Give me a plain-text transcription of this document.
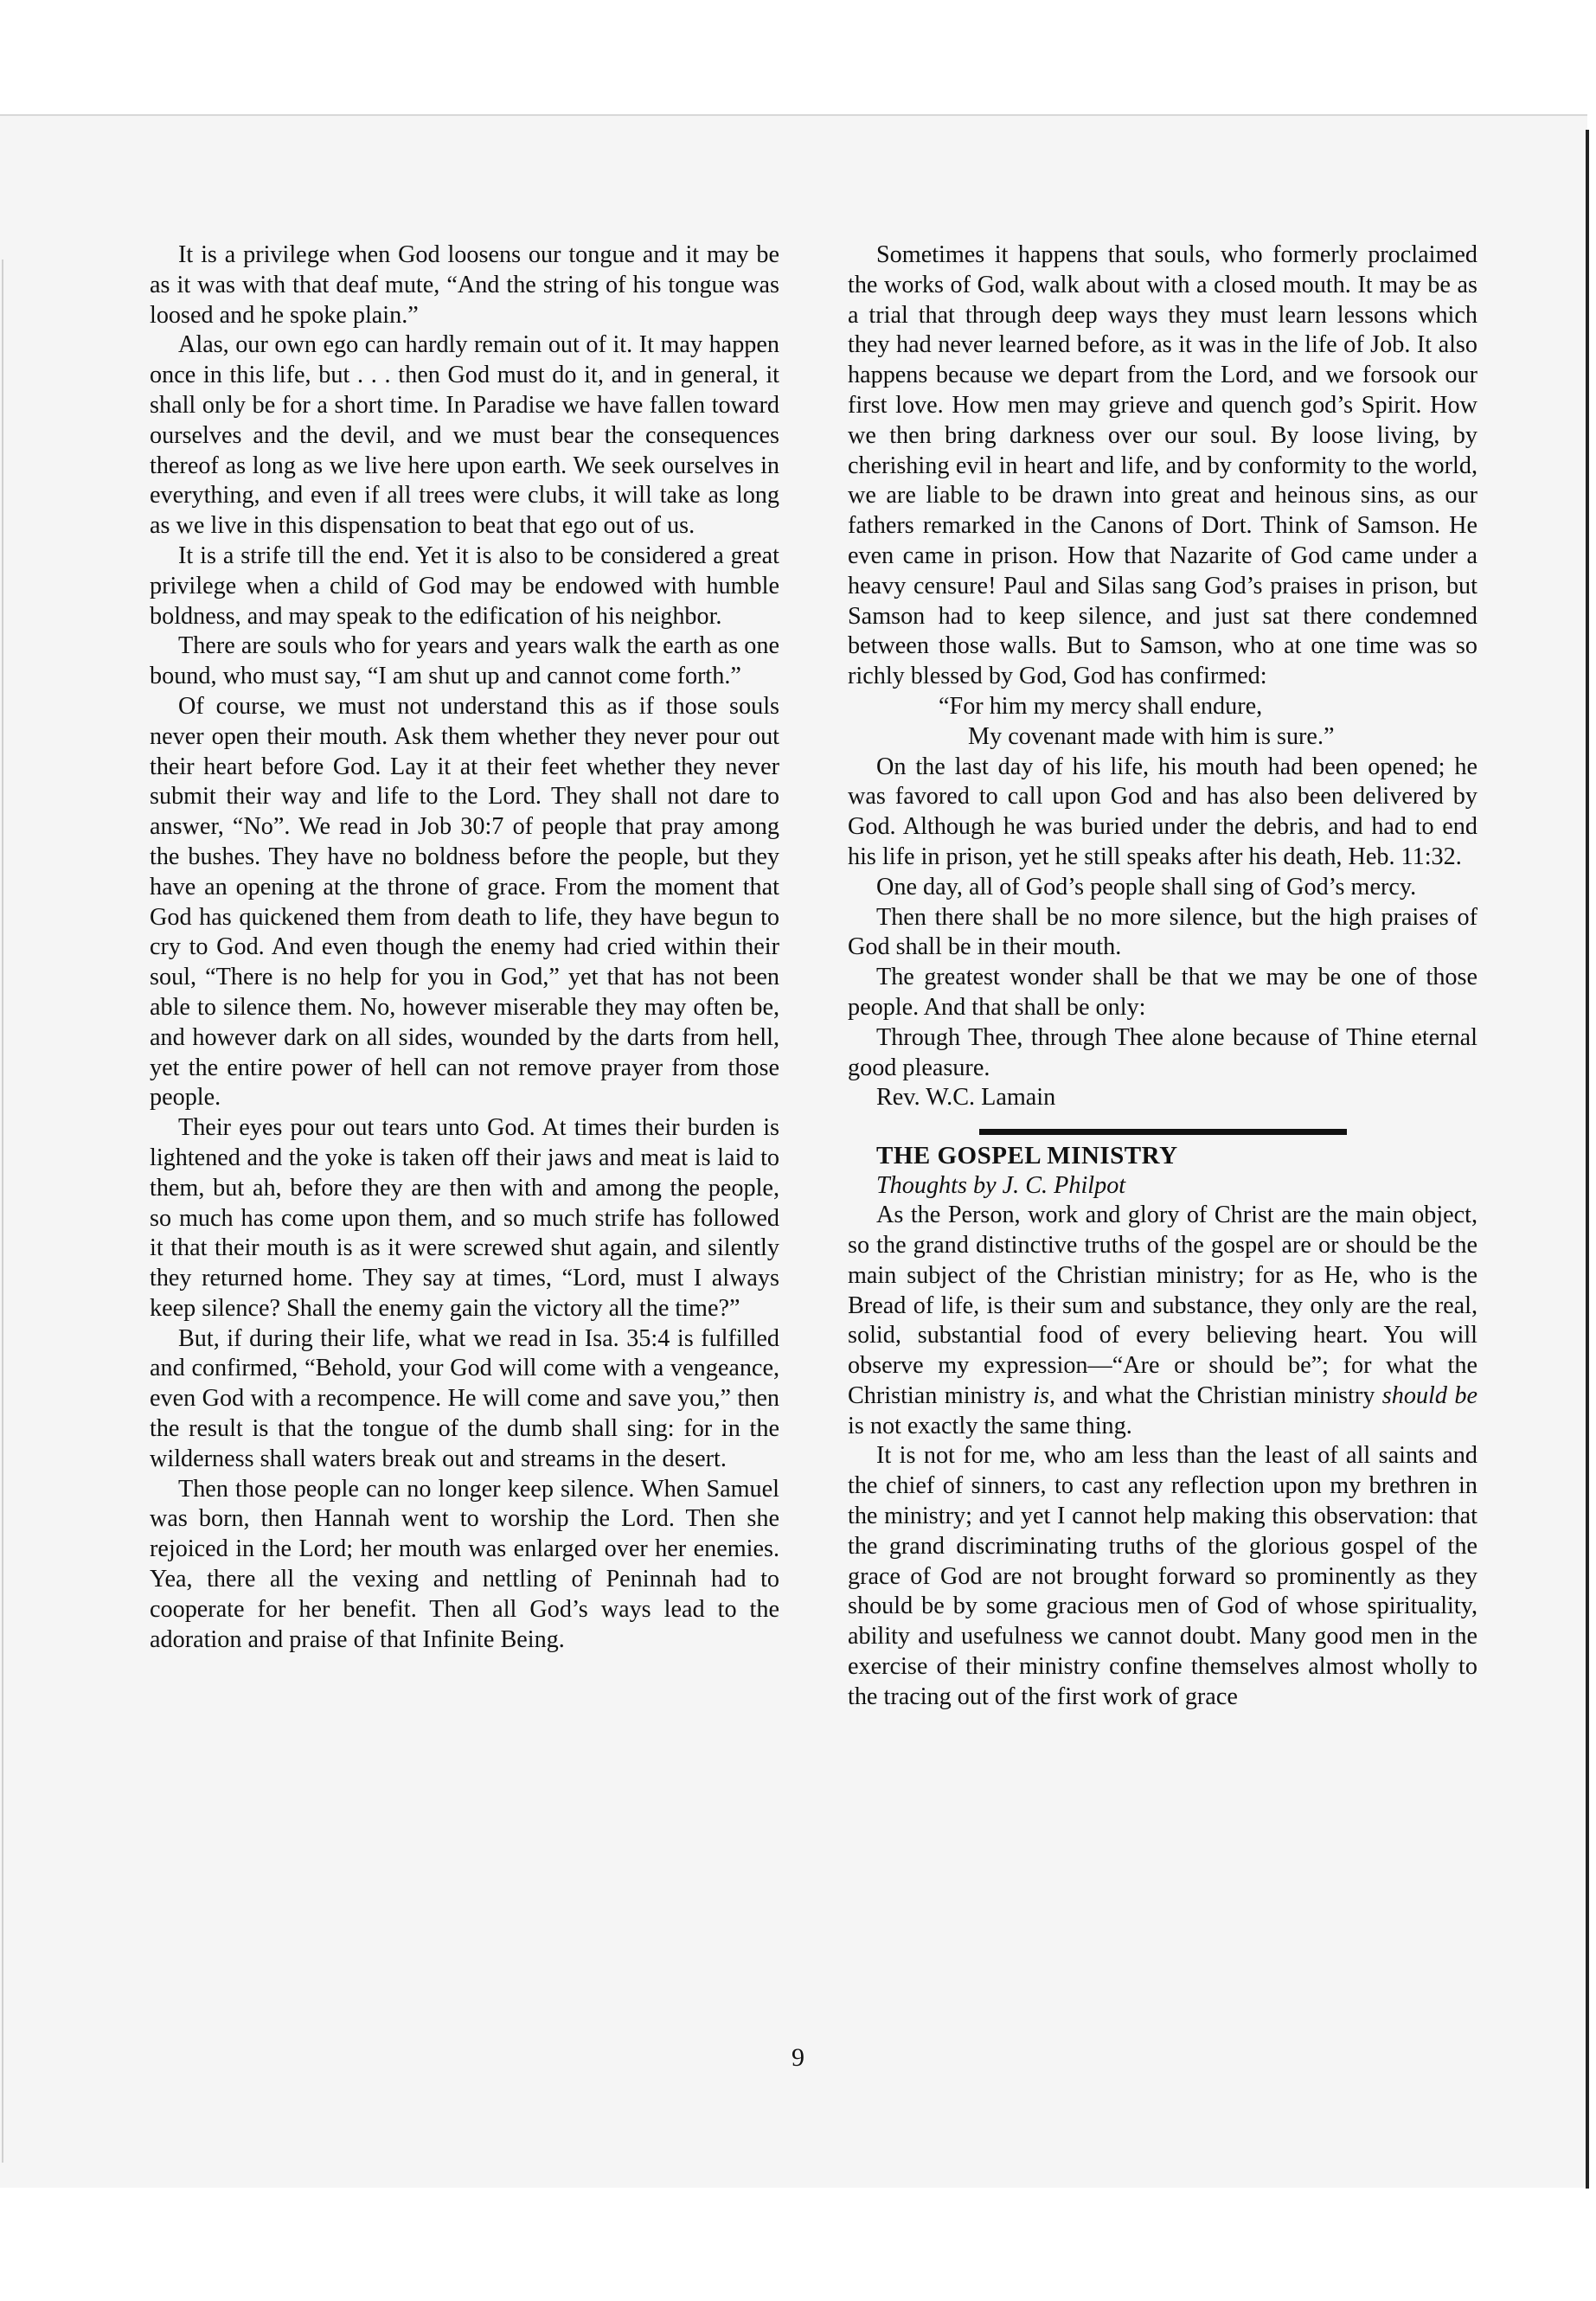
It is a privilege when God loosens our tongue and it may be as it was with that deaf mute, “And the string of his tongue was loosed and he spoke plain.”

Alas, our own ego can hardly remain out of it. It may happen once in this life, but . . . then God must do it, and in general, it shall only be for a short time. In Paradise we have fallen toward ourselves and the devil, and we must bear the consequences thereof as long as we live here upon earth. We seek ourselves in everything, and even if all trees were clubs, it will take as long as we live in this dispensation to beat that ego out of us.

It is a strife till the end. Yet it is also to be considered a great privilege when a child of God may be endowed with humble boldness, and may speak to the edification of his neighbor.

There are souls who for years and years walk the earth as one bound, who must say, “I am shut up and cannot come forth.”

Of course, we must not understand this as if those souls never open their mouth. Ask them whether they never pour out their heart before God. Lay it at their feet whether they never submit their way and life to the Lord. They shall not dare to answer, “No”. We read in Job 30:7 of people that pray among the bushes. They have no boldness before the people, but they have an opening at the throne of grace. From the moment that God has quickened them from death to life, they have begun to cry to God. And even though the enemy had cried within their soul, “There is no help for you in God,” yet that has not been able to silence them. No, however miserable they may often be, and however dark on all sides, wounded by the darts from hell, yet the entire power of hell can not remove prayer from those people.

Their eyes pour out tears unto God. At times their burden is lightened and the yoke is taken off their jaws and meat is laid to them, but ah, before they are then with and among the people, so much has come upon them, and so much strife has followed it that their mouth is as it were screwed shut again, and silently they returned home. They say at times, “Lord, must I always keep silence? Shall the enemy gain the victory all the time?”

But, if during their life, what we read in Isa. 35:4 is fulfilled and confirmed, “Behold, your God will come with a vengeance, even God with a recompence. He will come and save you,” then the result is that the tongue of the dumb shall sing: for in the wilderness shall waters break out and streams in the desert.

Then those people can no longer keep silence. When Samuel was born, then Hannah went to worship the Lord. Then she rejoiced in the Lord; her mouth was enlarged over her enemies. Yea, there all the vexing and nettling of Peninnah had to cooperate for her benefit. Then all God’s ways lead to the adoration and praise of that Infinite Being.

Sometimes it happens that souls, who formerly proclaimed the works of God, walk about with a closed mouth. It may be as a trial that through deep ways they must learn lessons which they had never learned before, as it was in the life of Job. It also happens because we depart from the Lord, and we forsook our first love. How men may grieve and quench god’s Spirit. How we then bring darkness over our soul. By loose living, by cherishing evil in heart and life, and by conformity to the world, we are liable to be drawn into great and heinous sins, as our fathers remarked in the Canons of Dort. Think of Samson. He even came in prison. How that Nazarite of God came under a heavy censure! Paul and Silas sang God’s praises in prison, but Samson had to keep silence, and just sat there condemned between those walls. But to Samson, who at one time was so richly blessed by God, God has confirmed:

“For him my mercy shall endure,

My covenant made with him is sure.”

On the last day of his life, his mouth had been opened; he was favored to call upon God and has also been delivered by God. Although he was buried under the debris, and had to end his life in prison, yet he still speaks after his death, Heb. 11:32.

One day, all of God’s people shall sing of God’s mercy.

Then there shall be no more silence, but the high praises of God shall be in their mouth.

The greatest wonder shall be that we may be one of those people. And that shall be only:

Through Thee, through Thee alone because of Thine eternal good pleasure.

Rev. W.C. Lamain

THE GOSPEL MINISTRY

Thoughts by J. C. Philpot

As the Person, work and glory of Christ are the main object, so the grand distinctive truths of the gospel are or should be the main subject of the Christian ministry; for as He, who is the Bread of life, is their sum and substance, they only are the real, solid, substantial food of every believing heart. You will observe my expression—“Are or should be”; for what the Christian ministry is, and what the Christian ministry should be is not exactly the same thing.

It is not for me, who am less than the least of all saints and the chief of sinners, to cast any reflection upon my brethren in the ministry; and yet I cannot help making this observation: that the grand discriminating truths of the glorious gospel of the grace of God are not brought forward so prominently as they should be by some gracious men of God of whose spirituality, ability and usefulness we cannot doubt. Many good men in the exercise of their ministry confine themselves almost wholly to the tracing out of the first work of grace

9
